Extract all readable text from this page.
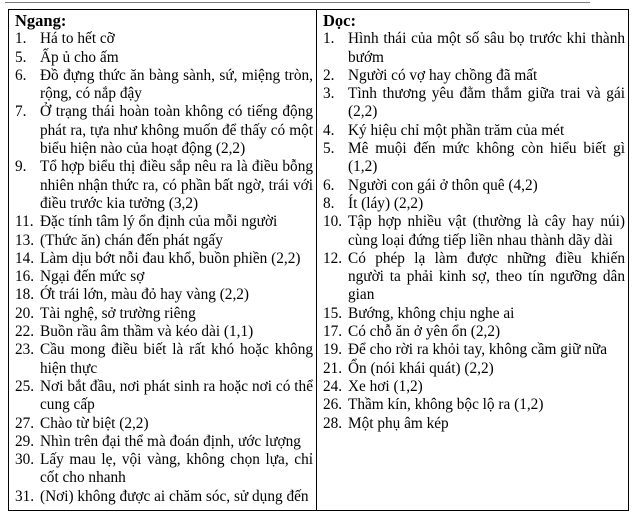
Ngang:
1. Há to hết cỡ
5. Ấp ủ cho ấm
6. Đồ đựng thức ăn bàng sành, sứ, miệng tròn, rộng, có nắp đậy
7. Ở trạng thái hoàn toàn không có tiếng động phát ra, tựa như không muốn để thấy có một biểu hiện nào của hoạt động (2,2)
9. Tổ hợp biểu thị điều sắp nêu ra là điều bỗng nhiên nhận thức ra, có phần bất ngờ, trái với điều trước kia tưởng (3,2)
11. Đặc tính tâm lý ổn định của mỗi người
13. (Thức ăn) chán đến phát ngấy
14. Làm dịu bớt nỗi đau khổ, buồn phiền (2,2)
16. Ngại đến mức sợ
18. Ớt trái lớn, màu đỏ hay vàng (2,2)
20. Tài nghệ, sở trường riêng
22. Buồn rầu âm thầm và kéo dài (1,1)
23. Cầu mong điều biết là rất khó hoặc không hiện thực
25. Nơi bắt đầu, nơi phát sinh ra hoặc nơi có thể cung cấp
27. Chào từ biệt (2,2)
29. Nhìn trên đại thể mà đoán định, ước lượng
30. Lấy mau lẹ, vội vàng, không chọn lựa, chỉ cốt cho nhanh
31. (Nơi) không được ai chăm sóc, sử dụng đến
Dọc:
1. Hình thái của một số sâu bọ trước khi thành bướm
2. Người có vợ hay chồng đã mất
3. Tình thương yêu đằm thắm giữa trai và gái (2,2)
4. Ký hiệu chỉ một phần trăm của mét
5. Mê muội đến mức không còn hiểu biết gì (1,2)
6. Người con gái ở thôn quê (4,2)
8. Ít (láy) (2,2)
10. Tập hợp nhiều vật (thường là cây hay núi) cùng loại đứng tiếp liền nhau thành dãy dài
12. Có phép lạ làm được những điều khiến người ta phải kinh sợ, theo tín ngưỡng dân gian
15. Bướng, không chịu nghe ai
17. Có chỗ ăn ở yên ổn (2,2)
19. Để cho rời ra khỏi tay, không cầm giữ nữa
21. Ổn (nói khái quát) (2,2)
24. Xe hơi (1,2)
26. Thầm kín, không bộc lộ ra (1,2)
28. Một phụ âm kép
